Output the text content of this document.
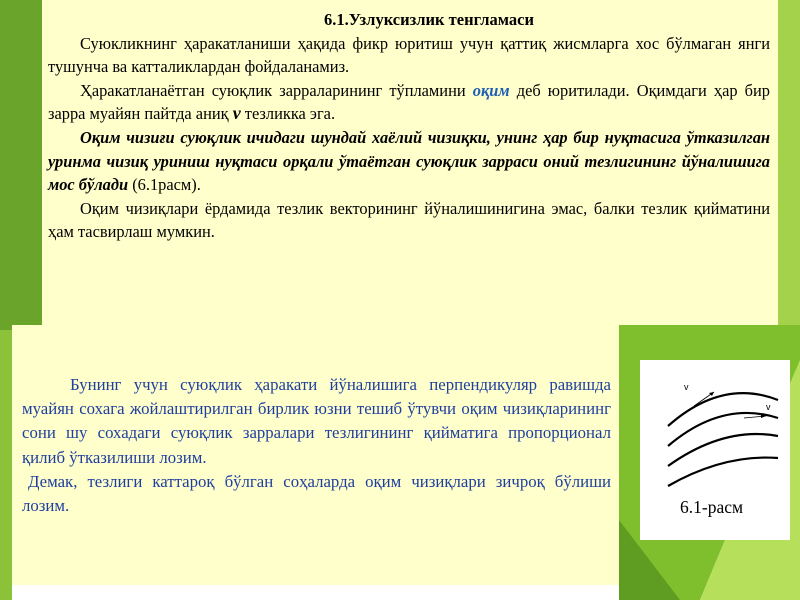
6.1.Узлуксизлик тенгламаси

Суюкликнинг ҳаракатланиши ҳақида фикр юритиш учун қаттиқ жисмларга хос бўлмаган янги тушунча ва катталиклардан фойдаланамиз.

Ҳаракатланаётган суюқлик зарраларининг тўпламини оқим деб юритилади. Оқимдаги ҳар бир зарра муайян пайтда аниқ v тезликка эга.

Оқим чизиғи суюқлик ичидаги шундай хаёлий чизиқки, унинг ҳар бир нуқтасига ўтказилган уринма чизиқ уриниш нуқтаси орқали ўтаётган суюқлик зарраси оний тезлигининг йўналишига мос бўлади (6.1расм).

Оқим чизиқлари ёрдамида тезлик векторининг йўналишинигина эмас, балки тезлик қийматини ҳам тасвирлаш мумкин.

Бунинг учун суюқлик ҳаракати йўналишига перпендикуляр равишда муайян сохага жойлаштирилган бирлик юзни тешиб ўтувчи оқим чизиқларининг сони шу сохадаги суюқлик зарралари тезлигининг қийматига пропорционал қилиб ўтказилиши лозим.

Демак, тезлиги каттароқ бўлган соҳаларда оқим чизиқлари зичроқ бўлиши лозим.

v
v
6.1-расм
